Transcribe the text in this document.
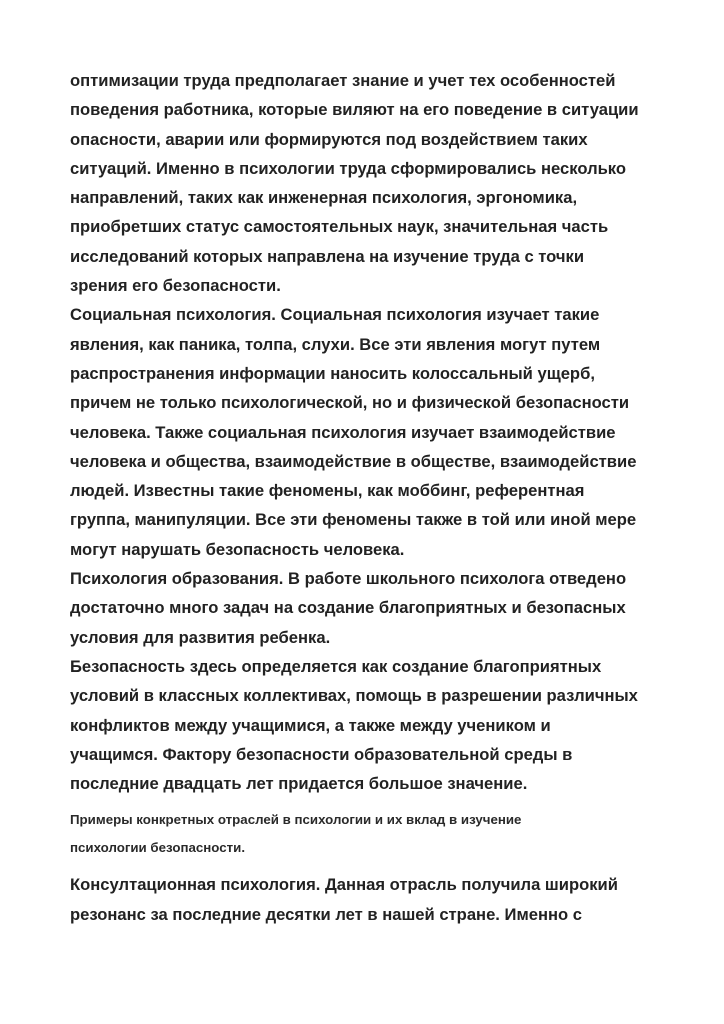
оптимизации труда предполагает знание и учет тех особенностей
поведения работника, которые виляют на его поведение в ситуации
опасности, аварии или формируются под воздействием таких
ситуаций. Именно в психологии труда сформировались несколько
направлений, таких как инженерная психология, эргономика,
приобретших статус самостоятельных наук, значительная часть
исследований которых направлена на изучение труда с точки
зрения его безопасности.
Социальная психология. Социальная психология изучает такие
явления, как паника, толпа, слухи. Все эти явления могут путем
распространения информации наносить колоссальный ущерб,
причем не только психологической, но и физической безопасности
человека. Также социальная психология изучает взаимодействие
человека и общества, взаимодействие в обществе, взаимодействие
людей. Известны такие феномены, как моббинг, референтная
группа, манипуляции. Все эти феномены также в той или иной мере
могут нарушать безопасность человека.
Психология образования. В работе школьного психолога отведено
достаточно много задач на создание благоприятных и безопасных
условия для развития ребенка.
Безопасность здесь определяется как создание благоприятных
условий в классных коллективах, помощь в разрешении различных
конфликтов между учащимися, а также между учеником и
учащимся. Фактору безопасности образовательной среды в
последние двадцать лет придается большое значение.
Примеры конкретных отраслей в психологии и их вклад в изучение
психологии безопасности.
Консултационная психология. Данная отрасль получила широкий
резонанс за последние десятки лет в нашей стране. Именно с
